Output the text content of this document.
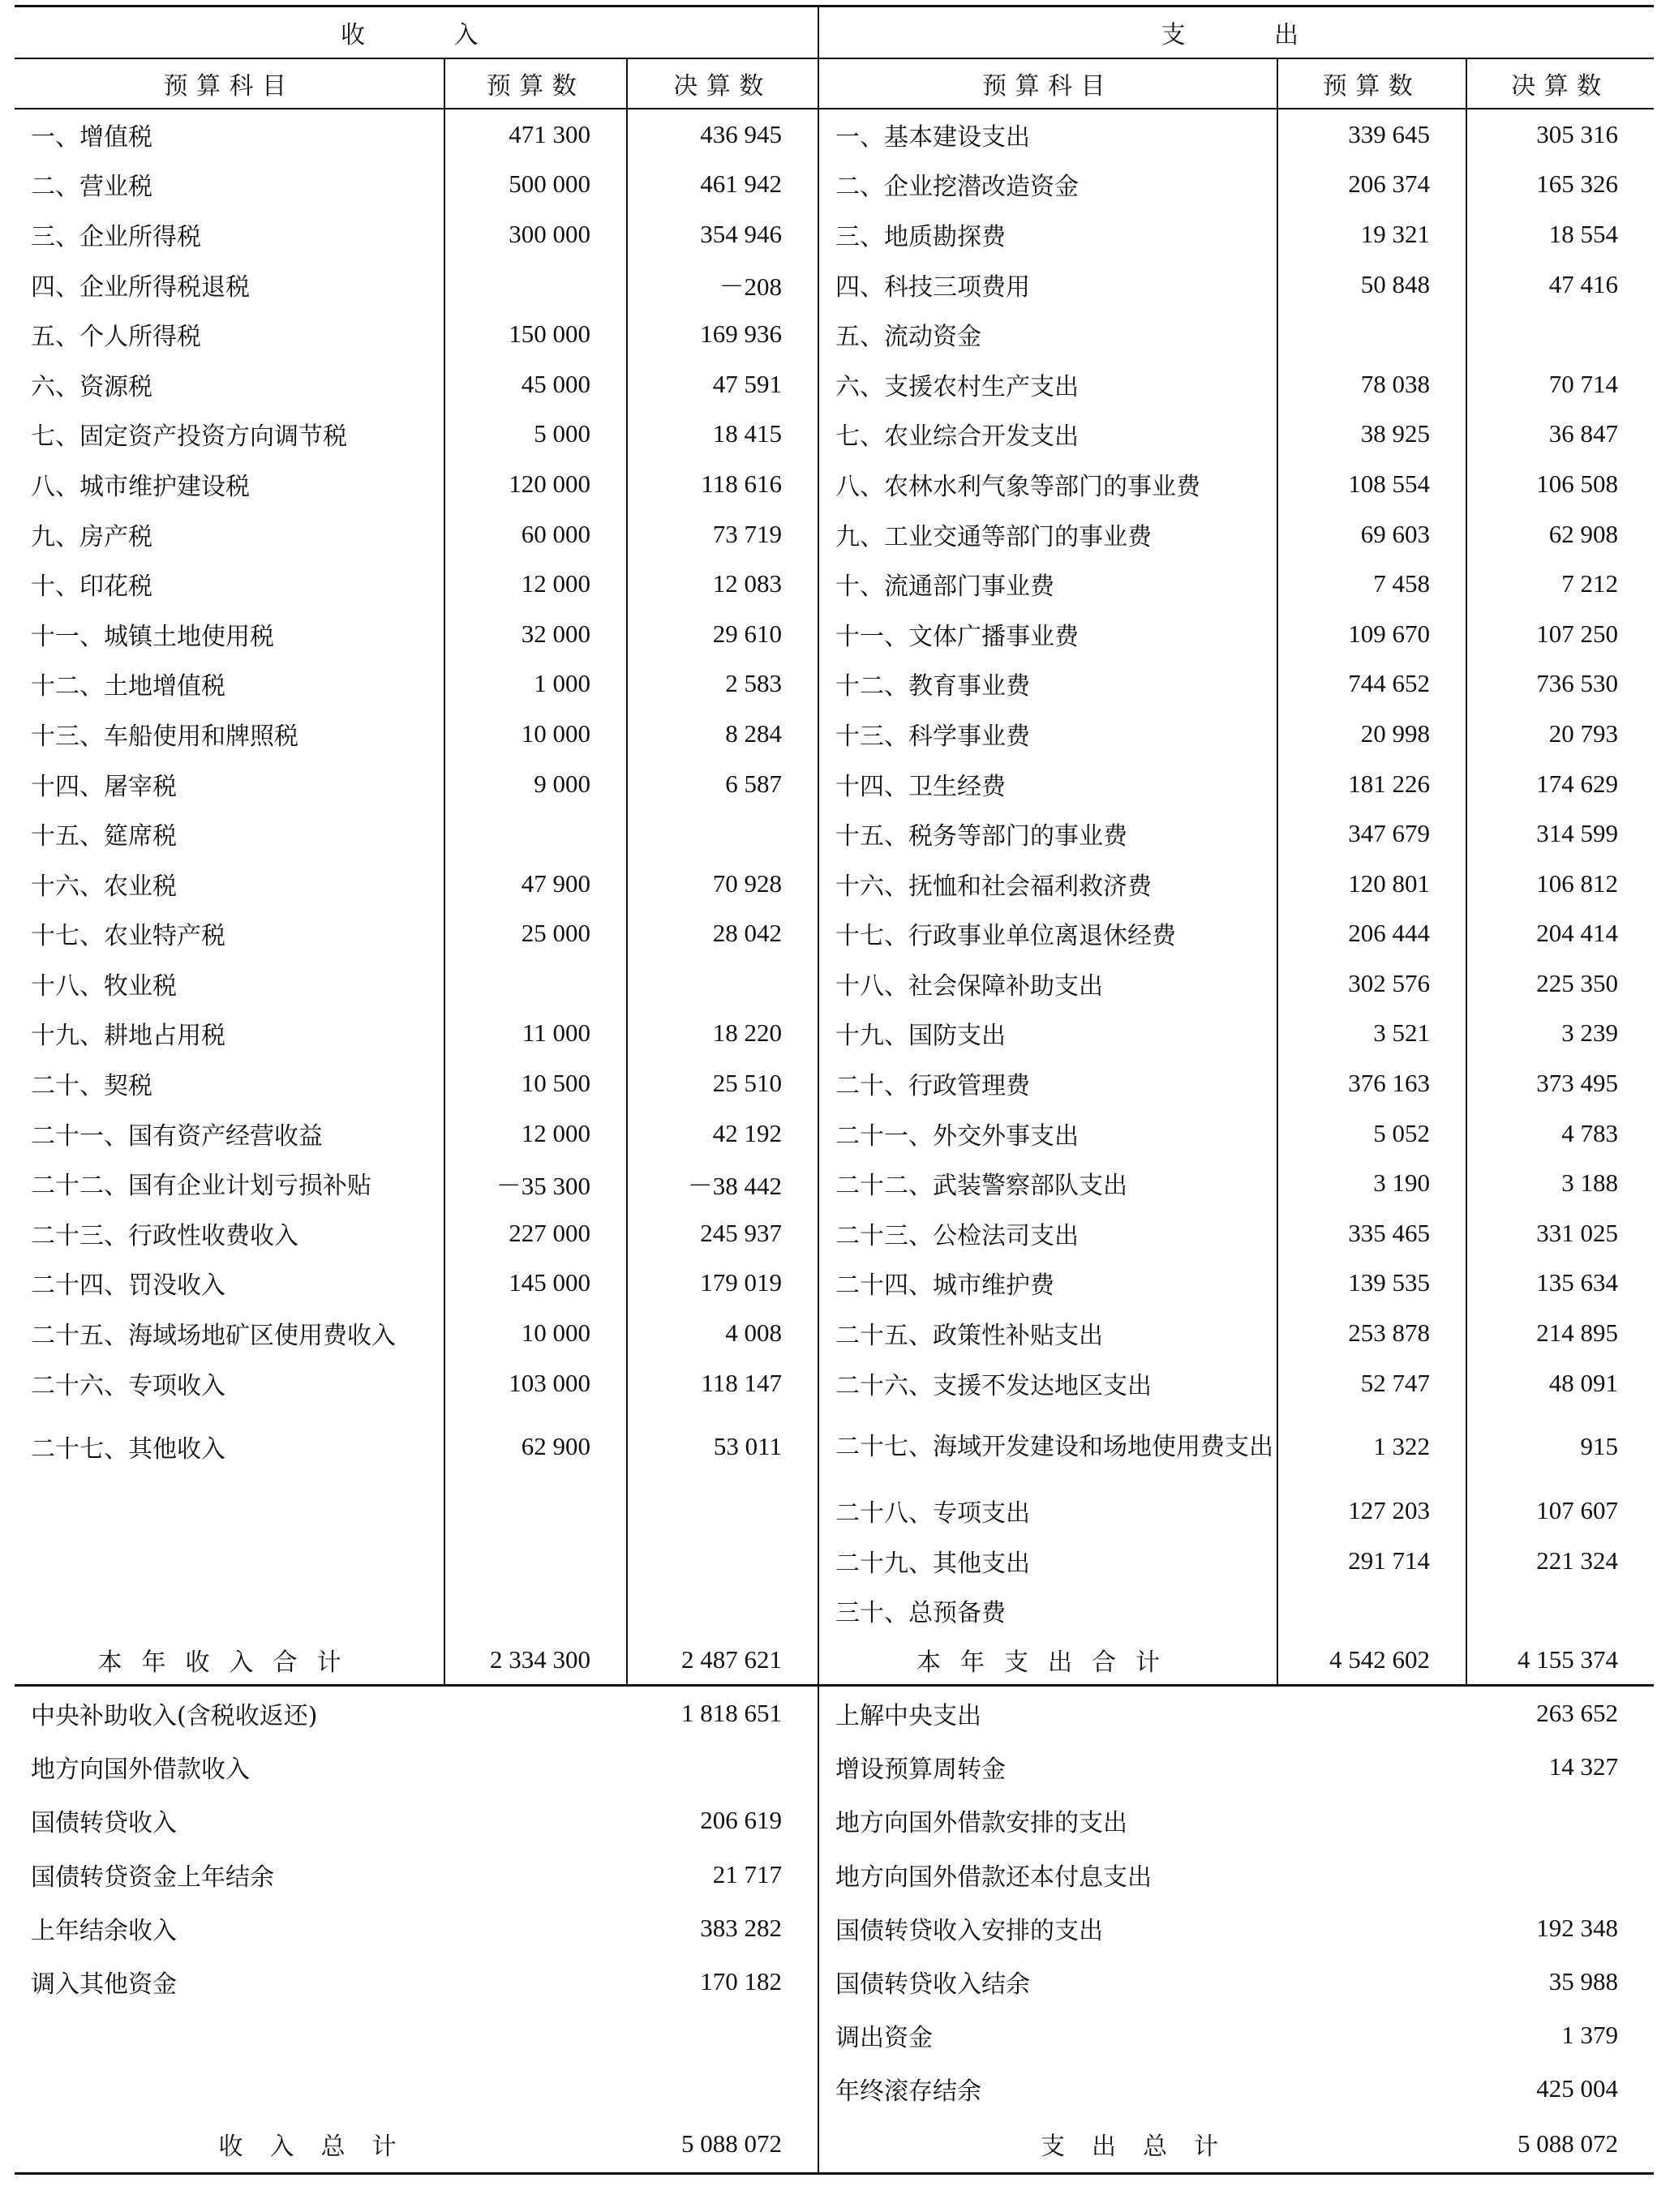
收　　入			支　　出		
预算科目	预算数	决算数	预算科目	预算数	决算数
一、增值税	471 300	436 945	一、基本建设支出	339 645	305 316
二、营业税	500 000	461 942	二、企业挖潜改造资金	206 374	165 326
三、企业所得税	300 000	354 946	三、地质勘探费	19 321	18 554
四、企业所得税退税		－208	四、科技三项费用	50 848	47 416
五、个人所得税	150 000	169 936	五、流动资金		
六、资源税	45 000	47 591	六、支援农村生产支出	78 038	70 714
七、固定资产投资方向调节税	5 000	18 415	七、农业综合开发支出	38 925	36 847
八、城市维护建设税	120 000	118 616	八、农林水利气象等部门的事业费	108 554	106 508
九、房产税	60 000	73 719	九、工业交通等部门的事业费	69 603	62 908
十、印花税	12 000	12 083	十、流通部门事业费	7 458	7 212
十一、城镇土地使用税	32 000	29 610	十一、文体广播事业费	109 670	107 250
十二、土地增值税	1 000	2 583	十二、教育事业费	744 652	736 530
十三、车船使用和牌照税	10 000	8 284	十三、科学事业费	20 998	20 793
十四、屠宰税	9 000	6 587	十四、卫生经费	181 226	174 629
十五、筵席税			十五、税务等部门的事业费	347 679	314 599
十六、农业税	47 900	70 928	十六、抚恤和社会福利救济费	120 801	106 812
十七、农业特产税	25 000	28 042	十七、行政事业单位离退休经费	206 444	204 414
十八、牧业税			十八、社会保障补助支出	302 576	225 350
十九、耕地占用税	11 000	18 220	十九、国防支出	3 521	3 239
二十、契税	10 500	25 510	二十、行政管理费	376 163	373 495
二十一、国有资产经营收益	12 000	42 192	二十一、外交外事支出	5 052	4 783
二十二、国有企业计划亏损补贴	－35 300	－38 442	二十二、武装警察部队支出	3 190	3 188
二十三、行政性收费收入	227 000	245 937	二十三、公检法司支出	335 465	331 025
二十四、罚没收入	145 000	179 019	二十四、城市维护费	139 535	135 634
二十五、海域场地矿区使用费收入	10 000	4 008	二十五、政策性补贴支出	253 878	214 895
二十六、专项收入	103 000	118 147	二十六、支援不发达地区支出	52 747	48 091
二十七、其他收入	62 900	53 011	二十七、海域开发建设和场地使用费支出	1 322	915
			二十八、专项支出	127 203	107 607
			二十九、其他支出	291 714	221 324
			三十、总预备费		
本年收入合计	2 334 300	2 487 621	本年支出合计	4 542 602	4 155 374
中央补助收入(含税收返还)		1 818 651	上解中央支出		263 652
地方向国外借款收入			增设预算周转金		14 327
国债转贷收入		206 619	地方向国外借款安排的支出		
国债转贷资金上年结余		21 717	地方向国外借款还本付息支出		
上年结余收入		383 282	国债转贷收入安排的支出		192 348
调入其他资金		170 182	国债转贷收入结余		35 988
			调出资金		1 379
			年终滚存结余		425 004
收入总计		5 088 072	支出总计		5 088 072
